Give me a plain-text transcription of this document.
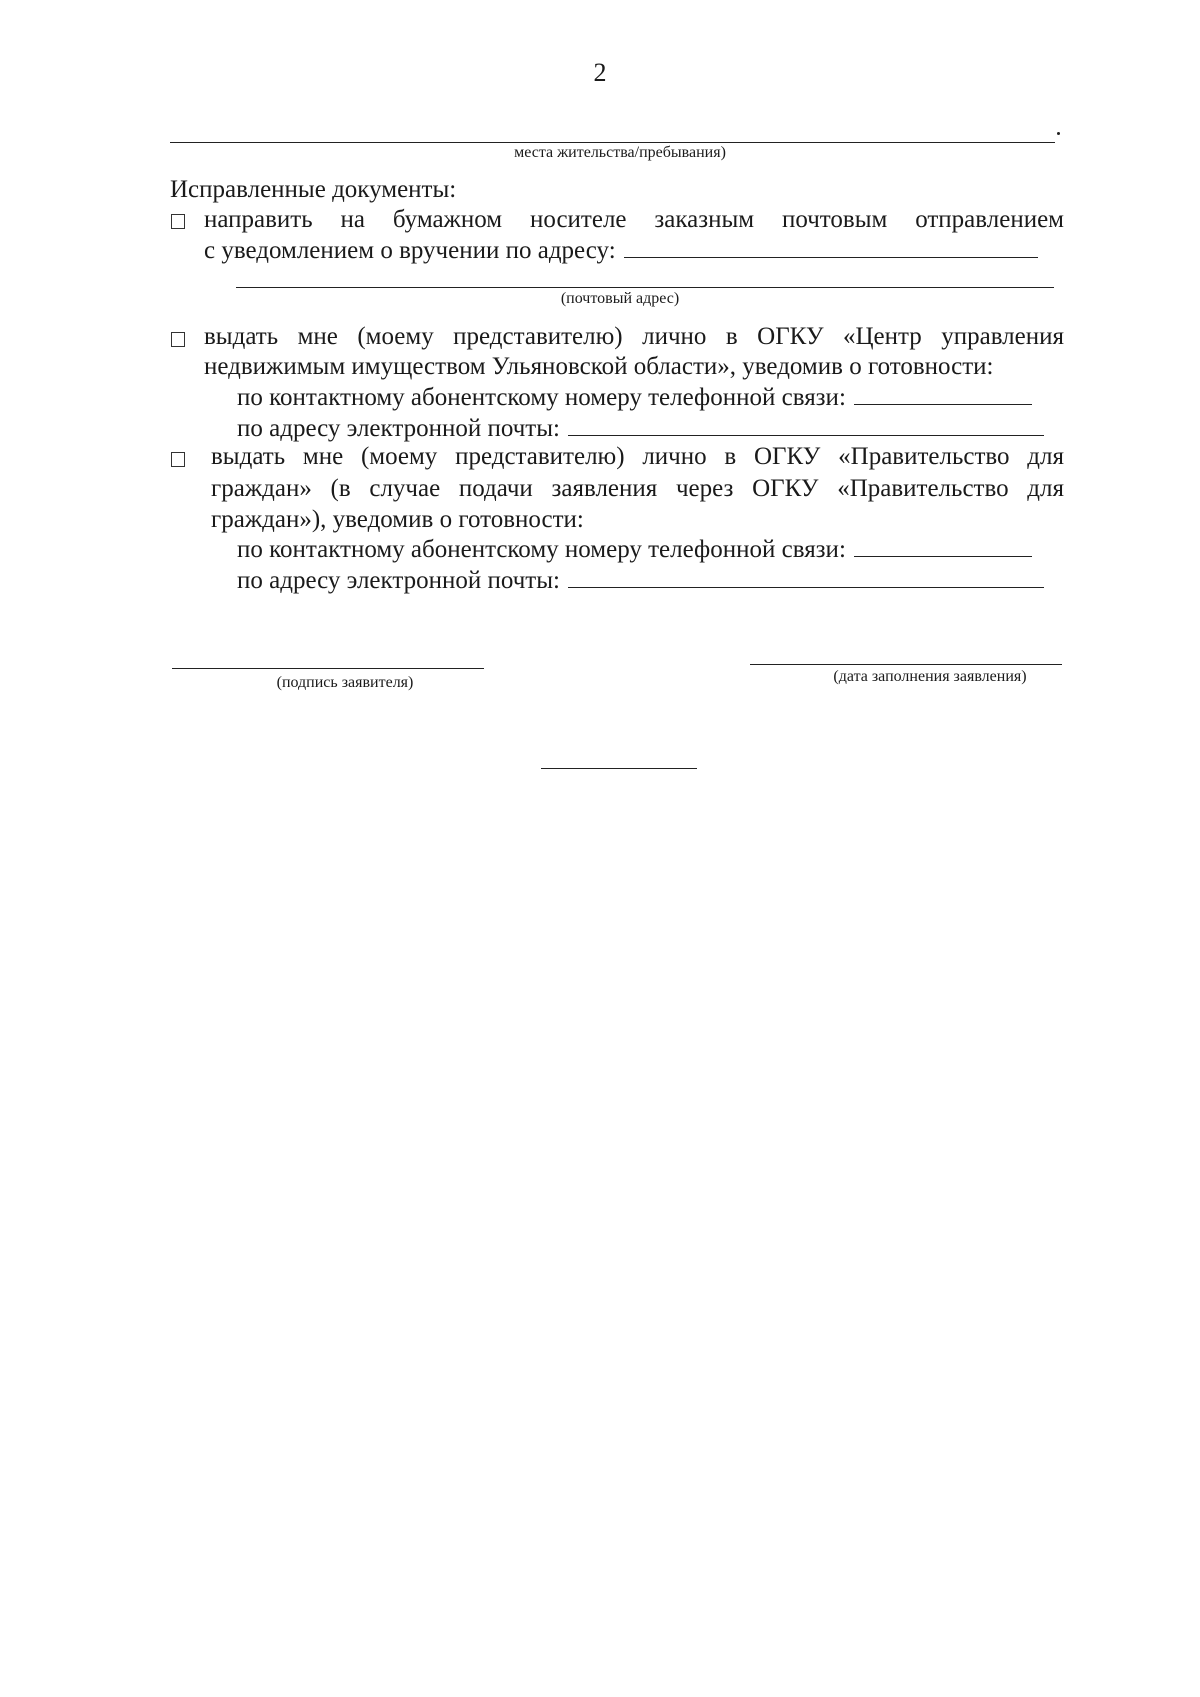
2
места жительства/пребывания)
Исправленные документы:
направить на бумажном носителе заказным почтовым отправлением
с уведомлением о вручении по адресу:
(почтовый адрес)
выдать мне (моему представителю) лично в ОГКУ «Центр управления
недвижимым имуществом Ульяновской области», уведомив о готовности:
по контактному абонентскому номеру телефонной связи:
по адресу электронной почты:
выдать мне (моему представителю) лично в ОГКУ «Правительство для
граждан» (в случае подачи заявления через ОГКУ «Правительство для
граждан»), уведомив о готовности:
по контактному абонентскому номеру телефонной связи:
по адресу электронной почты:
(подпись заявителя)	(дата заполнения заявления)
